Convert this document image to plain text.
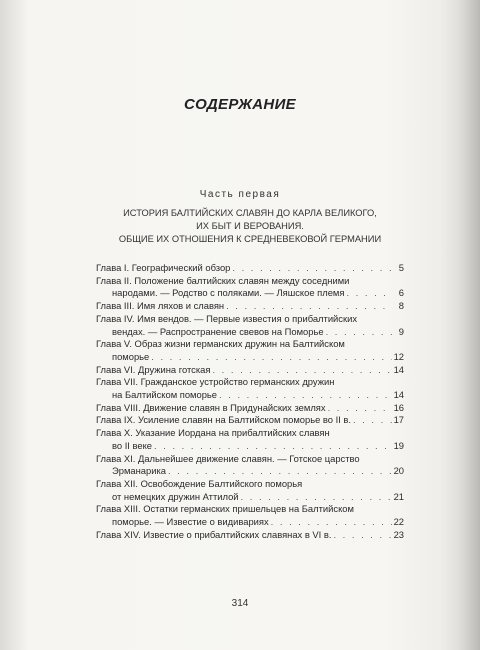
СОДЕРЖАНИЕ
Часть первая
ИСТОРИЯ БАЛТИЙСКИХ СЛАВЯН ДО КАРЛА ВЕЛИКОГО,
ИХ БЫТ И ВЕРОВАНИЯ.
ОБЩИЕ ИХ ОТНОШЕНИЯ К СРЕДНЕВЕКОВОЙ ГЕРМАНИИ
Глава I. Географический обзор . . .	5
Глава II. Положение балтийских славян между соседними
народами. — Родство с поляками. — Ляшское племя . . .	6
Глава III. Имя ляхов и славян . . .	8
Глава IV. Имя вендов. — Первые известия о прибалтийских
вендах. — Распространение свевов на Поморье . . .	9
Глава V. Образ жизни германских дружин на Балтийском
поморье . . .	12
Глава VI. Дружина готская . . .	14
Глава VII. Гражданское устройство германских дружин
на Балтийском поморье . . .	14
Глава VIII. Движение славян в Придунайских землях . . .	16
Глава IX. Усиление славян на Балтийском поморье во II в. . . .	17
Глава X. Указание Иордана на прибалтийских славян
во II веке . . .	19
Глава XI. Дальнейшее движение славян. — Готское царство
Эрманарика . . .	20
Глава XII. Освобождение Балтийского поморья
от немецких дружин Аттилой . . .	21
Глава XIII. Остатки германских пришельцев на Балтийском
поморье. — Известие о видивариях . . .	22
Глава XIV. Известие о прибалтийских славянах в VI в. . . .	23
314
